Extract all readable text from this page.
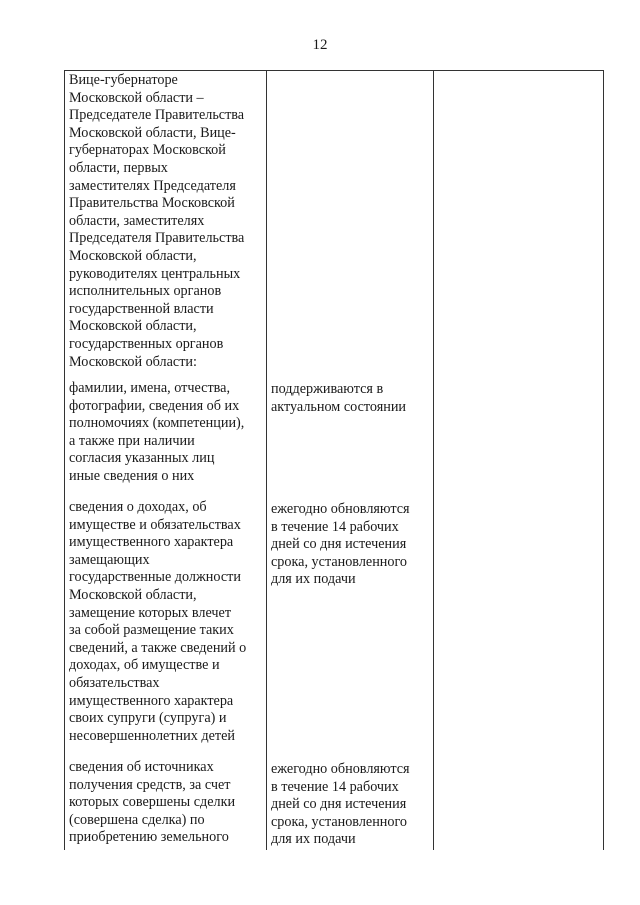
12
Вице-губернаторе
Московской области –
Председателе Правительства
Московской области, Вице-
губернаторах Московской
области, первых
заместителях Председателя
Правительства Московской
области, заместителях
Председателя Правительства
Московской области,
руководителях центральных
исполнительных органов
государственной власти
Московской области,
государственных органов
Московской области:
фамилии, имена, отчества,
фотографии, сведения об их
полномочиях (компетенции),
а также при наличии
согласия указанных лиц
иные сведения о них
поддерживаются в
актуальном состоянии
сведения о доходах, об
имуществе и обязательствах
имущественного характера
замещающих
государственные должности
Московской области,
замещение которых влечет
за собой размещение таких
сведений, а также сведений о
доходах, об имуществе и
обязательствах
имущественного характера
своих супруги (супруга) и
несовершеннолетних детей
ежегодно обновляются
в течение 14 рабочих
дней со дня истечения
срока, установленного
для их подачи
сведения об источниках
получения средств, за счет
которых совершены сделки
(совершена сделка) по
приобретению земельного
ежегодно обновляются
в течение 14 рабочих
дней со дня истечения
срока, установленного
для их подачи
